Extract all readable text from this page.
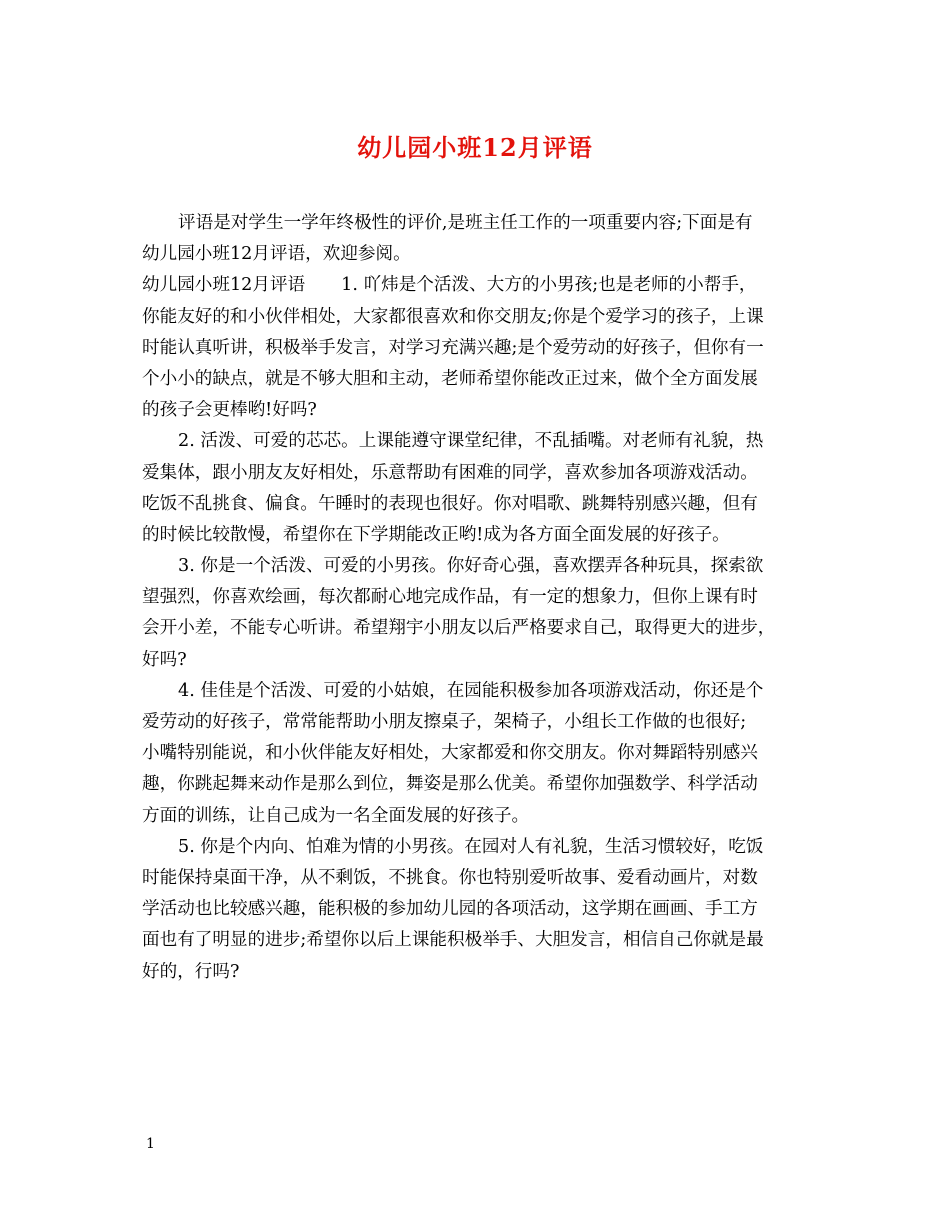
幼儿园小班12月评语
评语是对学生一学年终极性的评价,是班主任工作的一项重要内容;下面是有
幼儿园小班12月评语，欢迎参阅。
幼儿园小班12月评语 1. 吖炜是个活泼、大方的小男孩;也是老师的小帮手，
你能友好的和小伙伴相处，大家都很喜欢和你交朋友;你是个爱学习的孩子，上课
时能认真听讲，积极举手发言，对学习充满兴趣;是个爱劳动的好孩子，但你有一
个小小的缺点，就是不够大胆和主动，老师希望你能改正过来，做个全方面发展
的孩子会更棒哟!好吗?
2. 活泼、可爱的芯芯。上课能遵守课堂纪律，不乱插嘴。对老师有礼貌，热
爱集体，跟小朋友友好相处，乐意帮助有困难的同学，喜欢参加各项游戏活动。
吃饭不乱挑食、偏食。午睡时的表现也很好。你对唱歌、跳舞特别感兴趣，但有
的时候比较散慢，希望你在下学期能改正哟!成为各方面全面发展的好孩子。
3. 你是一个活泼、可爱的小男孩。你好奇心强，喜欢摆弄各种玩具，探索欲
望强烈，你喜欢绘画，每次都耐心地完成作品，有一定的想象力，但你上课有时
会开小差，不能专心听讲。希望翔宇小朋友以后严格要求自己，取得更大的进步，
好吗?
4. 佳佳是个活泼、可爱的小姑娘，在园能积极参加各项游戏活动，你还是个
爱劳动的好孩子，常常能帮助小朋友擦桌子，架椅子，小组长工作做的也很好;
小嘴特别能说，和小伙伴能友好相处，大家都爱和你交朋友。你对舞蹈特别感兴
趣，你跳起舞来动作是那么到位，舞姿是那么优美。希望你加强数学、科学活动
方面的训练，让自己成为一名全面发展的好孩子。
5. 你是个内向、怕难为情的小男孩。在园对人有礼貌，生活习惯较好，吃饭
时能保持桌面干净，从不剩饭，不挑食。你也特别爱听故事、爱看动画片，对数
学活动也比较感兴趣，能积极的参加幼儿园的各项活动，这学期在画画、手工方
面也有了明显的进步;希望你以后上课能积极举手、大胆发言，相信自己你就是最
好的，行吗?
1
